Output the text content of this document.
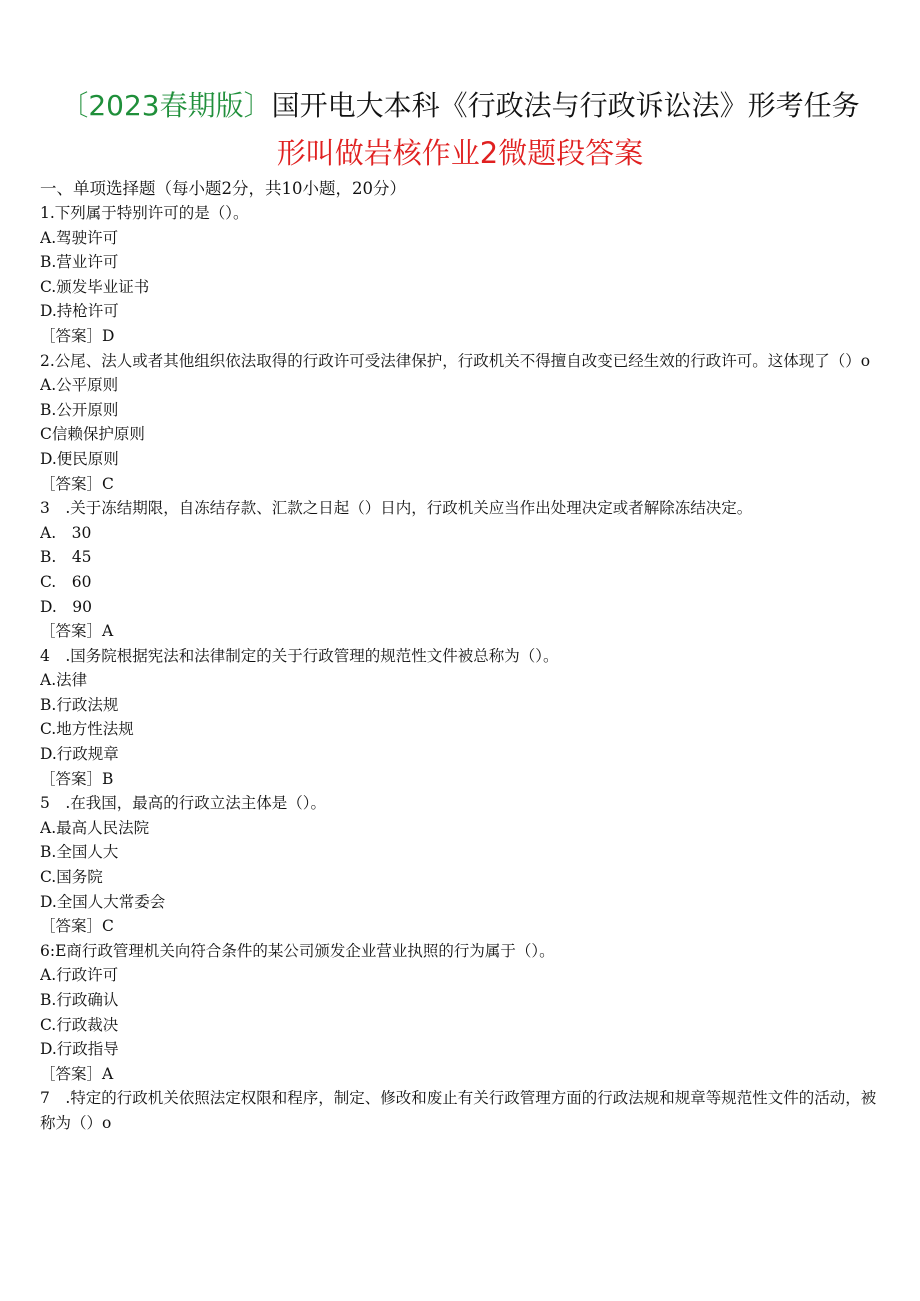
〔2023春期版〕国开电大本科《行政法与行政诉讼法》形考任务
形叫做岩核作业2微题段答案
一、单项选择题（每小题2分，共10小题，20分）
1.下列属于特别许可的是（）。
A.驾驶许可
B.营业许可
C.颁发毕业证书
D.持枪许可
［答案］D
2.公尾、法人或者其他组织依法取得的行政许可受法律保护，行政机关不得擅自改变已经生效的行政许可。这体现了（）o
A.公平原则
B.公开原则
C信赖保护原则
D.便民原则
［答案］C
3　.关于冻结期限，自冻结存款、汇款之日起（）日内，行政机关应当作出处理决定或者解除冻结决定。
A.　30
B.　45
C.　60
D.　90
［答案］A
4　.国务院根据宪法和法律制定的关于行政管理的规范性文件被总称为（）。
A.法律
B.行政法规
C.地方性法规
D.行政规章
［答案］B
5　.在我国，最高的行政立法主体是（）。
A.最高人民法院
B.全国人大
C.国务院
D.全国人大常委会
［答案］C
6:E商行政管理机关向符合条件的某公司颁发企业营业执照的行为属于（）。
A.行政许可
B.行政确认
C.行政裁决
D.行政指导
［答案］A
7　.特定的行政机关依照法定权限和程序，制定、修改和废止有关行政管理方面的行政法规和规章等规范性文件的活动，被称为（）o
